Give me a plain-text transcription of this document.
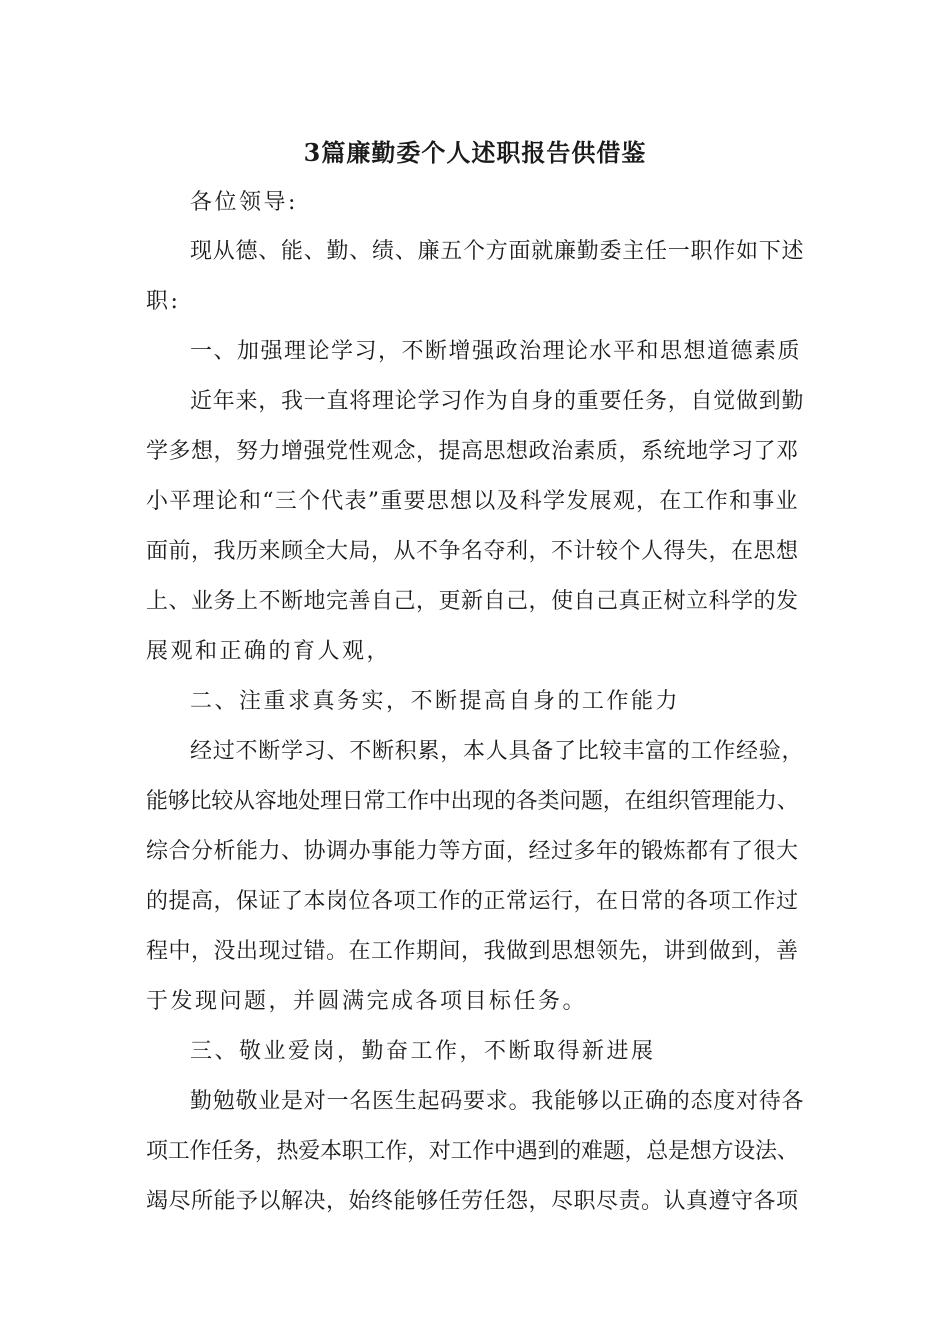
3篇廉勤委个人述职报告供借鉴
各位领导:
现从德、能、勤、绩、廉五个方面就廉勤委主任一职作如下述
职:
一、加强理论学习，不断增强政治理论水平和思想道德素质
近年来，我一直将理论学习作为自身的重要任务，自觉做到勤
学多想，努力增强党性观念，提高思想政治素质，系统地学习了邓
小平理论和“三个代表”重要思想以及科学发展观，在工作和事业
面前，我历来顾全大局，从不争名夺利，不计较个人得失，在思想
上、业务上不断地完善自己，更新自己，使自己真正树立科学的发
展观和正确的育人观，
二、注重求真务实，不断提高自身的工作能力
经过不断学习、不断积累，本人具备了比较丰富的工作经验，
能够比较从容地处理日常工作中出现的各类问题，在组织管理能力、
综合分析能力、协调办事能力等方面，经过多年的锻炼都有了很大
的提高，保证了本岗位各项工作的正常运行，在日常的各项工作过
程中，没出现过错。在工作期间，我做到思想领先，讲到做到，善
于发现问题，并圆满完成各项目标任务。
三、敬业爱岗，勤奋工作，不断取得新进展
勤勉敬业是对一名医生起码要求。我能够以正确的态度对待各
项工作任务，热爱本职工作，对工作中遇到的难题，总是想方设法、
竭尽所能予以解决，始终能够任劳任怨，尽职尽责。认真遵守各项
